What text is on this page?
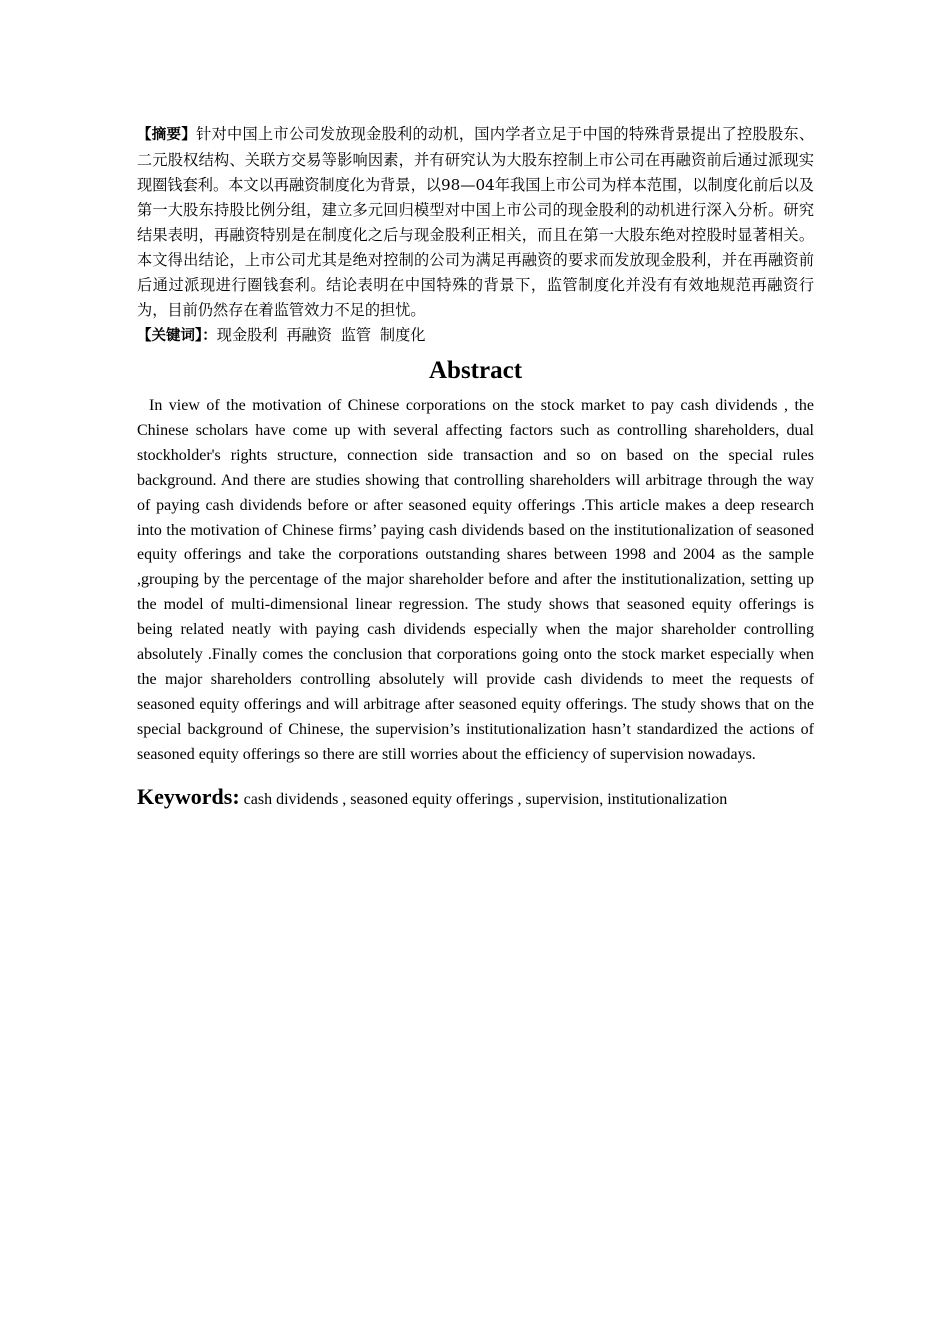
【摘要】针对中国上市公司发放现金股利的动机，国内学者立足于中国的特殊背景提出了控股股东、二元股权结构、关联方交易等影响因素，并有研究认为大股东控制上市公司在再融资前后通过派现实现圈钱套利。本文以再融资制度化为背景，以98—04年我国上市公司为样本范围，以制度化前后以及第一大股东持股比例分组，建立多元回归模型对中国上市公司的现金股利的动机进行深入分析。研究结果表明，再融资特别是在制度化之后与现金股利正相关，而且在第一大股东绝对控股时显著相关。本文得出结论，上市公司尤其是绝对控制的公司为满足再融资的要求而发放现金股利，并在再融资前后通过派现进行圈钱套利。结论表明在中国特殊的背景下，监管制度化并没有有效地规范再融资行为，目前仍然存在着监管效力不足的担忧。

【关键词】：现金股利 再融资 监管 制度化

Abstract

In view of the motivation of Chinese corporations on the stock market to pay cash dividends , the Chinese scholars have come up with several affecting factors such as controlling shareholders, dual stockholder's rights structure, connection side transaction and so on based on the special rules background. And there are studies showing that controlling shareholders will arbitrage through the way of paying cash dividends before or after seasoned equity offerings .This article makes a deep research into the motivation of Chinese firms’ paying cash dividends based on the institutionalization of seasoned equity offerings and take the corporations outstanding shares between 1998 and 2004 as the sample ,grouping by the percentage of the major shareholder before and after the institutionalization, setting up the model of multi-dimensional linear regression. The study shows that seasoned equity offerings is being related neatly with paying cash dividends especially when the major shareholder controlling absolutely .Finally comes the conclusion that corporations going onto the stock market especially when the major shareholders controlling absolutely will provide cash dividends to meet the requests of seasoned equity offerings and will arbitrage after seasoned equity offerings. The study shows that on the special background of Chinese, the supervision’s institutionalization hasn’t standardized the actions of seasoned equity offerings so there are still worries about the efficiency of supervision nowadays.

Keywords: cash dividends , seasoned equity offerings , supervision, institutionalization
